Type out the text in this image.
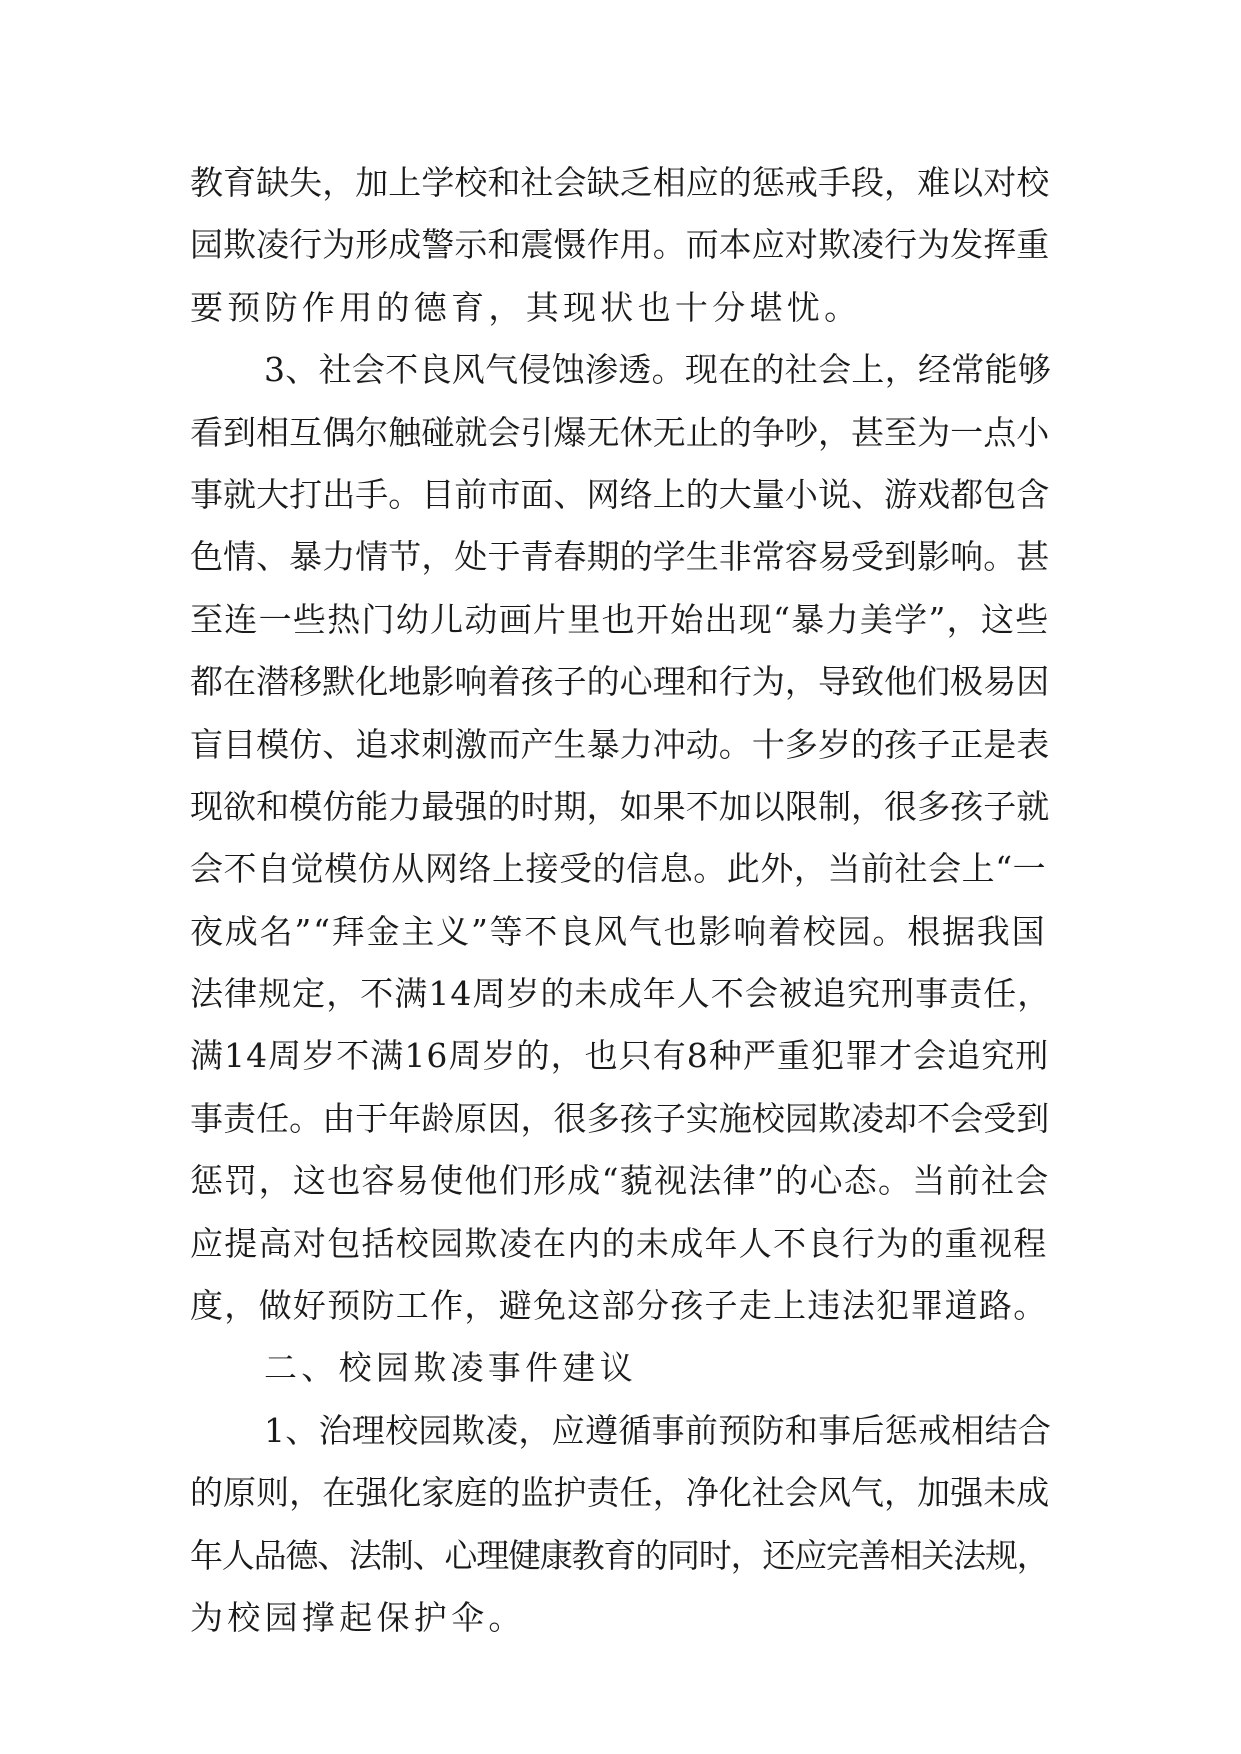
教育缺失，加上学校和社会缺乏相应的惩戒手段，难以对校
园欺凌行为形成警示和震慑作用。而本应对欺凌行为发挥重
要预防作用的德育，其现状也十分堪忧。
3、社会不良风气侵蚀渗透。现在的社会上，经常能够
看到相互偶尔触碰就会引爆无休无止的争吵，甚至为一点小
事就大打出手。目前市面、网络上的大量小说、游戏都包含
色情、暴力情节，处于青春期的学生非常容易受到影响。甚
至连一些热门幼儿动画片里也开始出现“暴力美学”，这些
都在潜移默化地影响着孩子的心理和行为，导致他们极易因
盲目模仿、追求刺激而产生暴力冲动。十多岁的孩子正是表
现欲和模仿能力最强的时期，如果不加以限制，很多孩子就
会不自觉模仿从网络上接受的信息。此外，当前社会上“一
夜成名”“拜金主义”等不良风气也影响着校园。根据我国
法律规定，不满14周岁的未成年人不会被追究刑事责任，
满14周岁不满16周岁的，也只有8种严重犯罪才会追究刑
事责任。由于年龄原因，很多孩子实施校园欺凌却不会受到
惩罚，这也容易使他们形成“藐视法律”的心态。当前社会
应提高对包括校园欺凌在内的未成年人不良行为的重视程
度，做好预防工作，避免这部分孩子走上违法犯罪道路。
二、校园欺凌事件建议
1、治理校园欺凌，应遵循事前预防和事后惩戒相结合
的原则，在强化家庭的监护责任，净化社会风气，加强未成
年人品德、法制、心理健康教育的同时，还应完善相关法规，
为校园撑起保护伞。
